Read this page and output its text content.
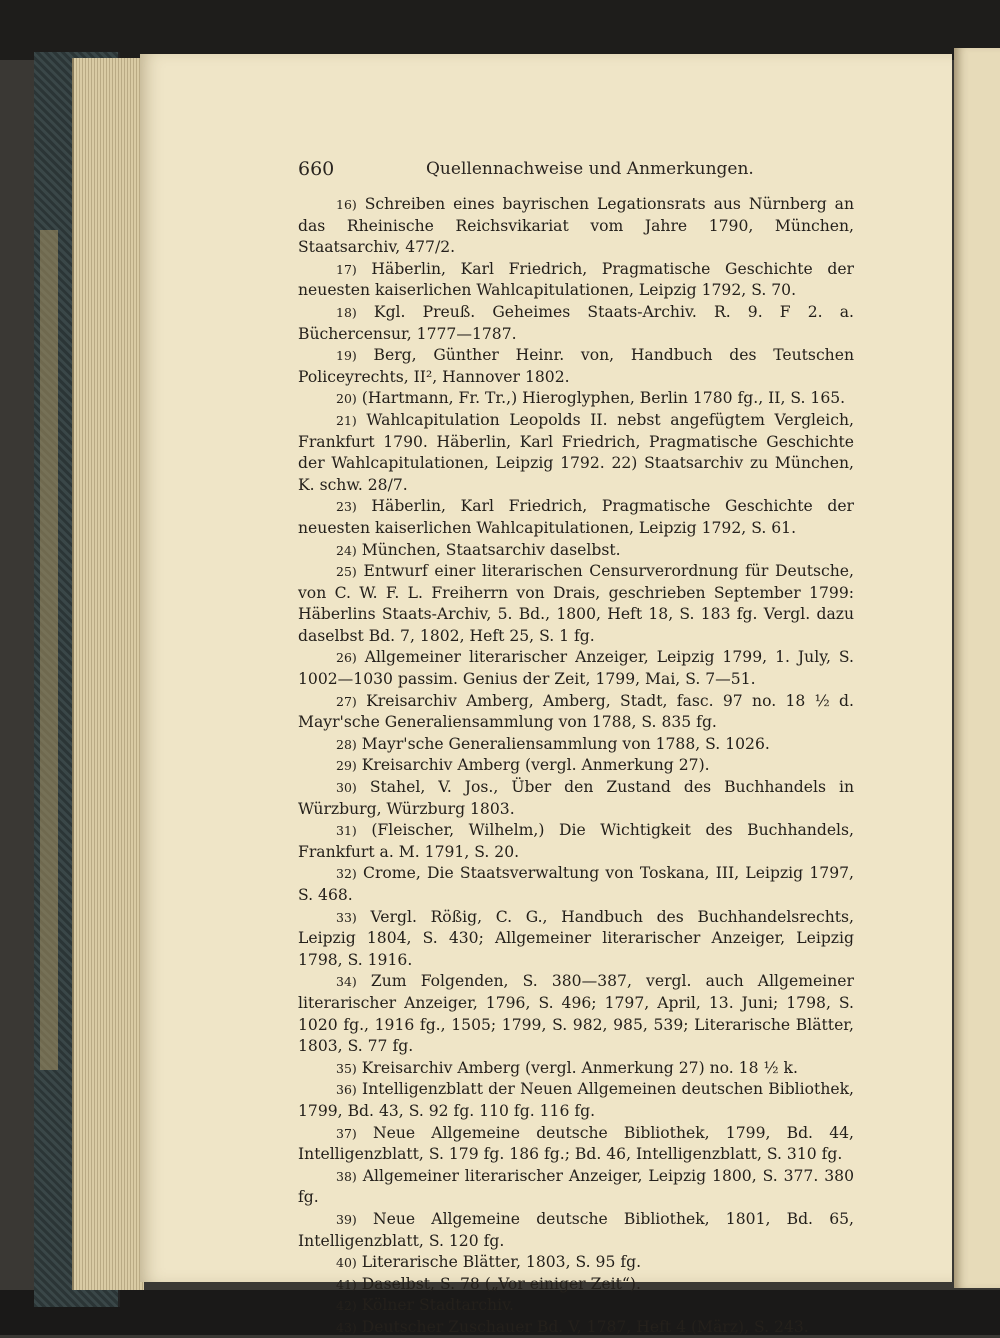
660	Quellennachweise und Anmerkungen.

16) Schreiben eines bayrischen Legationsrats aus Nürnberg an das Rheinische Reichsvikariat vom Jahre 1790, München, Staatsarchiv, 477/2.

17) Häberlin, Karl Friedrich, Pragmatische Geschichte der neuesten kaiserlichen Wahlcapitulationen, Leipzig 1792, S. 70.

18) Kgl. Preuß. Geheimes Staats-Archiv. R. 9. F 2. a. Büchercensur, 1777—1787.

19) Berg, Günther Heinr. von, Handbuch des Teutschen Policeyrechts, II², Hannover 1802.

20) (Hartmann, Fr. Tr.,) Hieroglyphen, Berlin 1780 fg., II, S. 165.

21) Wahlcapitulation Leopolds II. nebst angefügtem Vergleich, Frankfurt 1790. Häberlin, Karl Friedrich, Pragmatische Geschichte der Wahlcapitulationen, Leipzig 1792. 22) Staatsarchiv zu München, K. schw. 28/7.

23) Häberlin, Karl Friedrich, Pragmatische Geschichte der neuesten kaiserlichen Wahlcapitulationen, Leipzig 1792, S. 61.

24) München, Staatsarchiv daselbst.

25) Entwurf einer literarischen Censurverordnung für Deutsche, von C. W. F. L. Freiherrn von Drais, geschrieben September 1799: Häberlins Staats-Archiv, 5. Bd., 1800, Heft 18, S. 183 fg. Vergl. dazu daselbst Bd. 7, 1802, Heft 25, S. 1 fg.

26) Allgemeiner literarischer Anzeiger, Leipzig 1799, 1. July, S. 1002—1030 passim. Genius der Zeit, 1799, Mai, S. 7—51.

27) Kreisarchiv Amberg, Amberg, Stadt, fasc. 97 no. 18 ½ d. Mayr'sche Generaliensammlung von 1788, S. 835 fg.

28) Mayr'sche Generaliensammlung von 1788, S. 1026.

29) Kreisarchiv Amberg (vergl. Anmerkung 27).

30) Stahel, V. Jos., Über den Zustand des Buchhandels in Würzburg, Würzburg 1803.

31) (Fleischer, Wilhelm,) Die Wichtigkeit des Buchhandels, Frankfurt a. M. 1791, S. 20.

32) Crome, Die Staatsverwaltung von Toskana, III, Leipzig 1797, S. 468.

33) Vergl. Rößig, C. G., Handbuch des Buchhandelsrechts, Leipzig 1804, S. 430; Allgemeiner literarischer Anzeiger, Leipzig 1798, S. 1916.

34) Zum Folgenden, S. 380—387, vergl. auch Allgemeiner literarischer Anzeiger, 1796, S. 496; 1797, April, 13. Juni; 1798, S. 1020 fg., 1916 fg., 1505; 1799, S. 982, 985, 539; Literarische Blätter, 1803, S. 77 fg.

35) Kreisarchiv Amberg (vergl. Anmerkung 27) no. 18 ½ k.

36) Intelligenzblatt der Neuen Allgemeinen deutschen Bibliothek, 1799, Bd. 43, S. 92 fg. 110 fg. 116 fg.

37) Neue Allgemeine deutsche Bibliothek, 1799, Bd. 44, Intelligenzblatt, S. 179 fg. 186 fg.; Bd. 46, Intelligenzblatt, S. 310 fg.

38) Allgemeiner literarischer Anzeiger, Leipzig 1800, S. 377. 380 fg.

39) Neue Allgemeine deutsche Bibliothek, 1801, Bd. 65, Intelligenzblatt, S. 120 fg.

40) Literarische Blätter, 1803, S. 95 fg.

41) Daselbst, S. 78 („Vor einiger Zeit“).

42) Kölner Stadtarchiv.

43) Deutscher Zuschauer Bd. V, 1787, Heft 4 (März), S. 243.
